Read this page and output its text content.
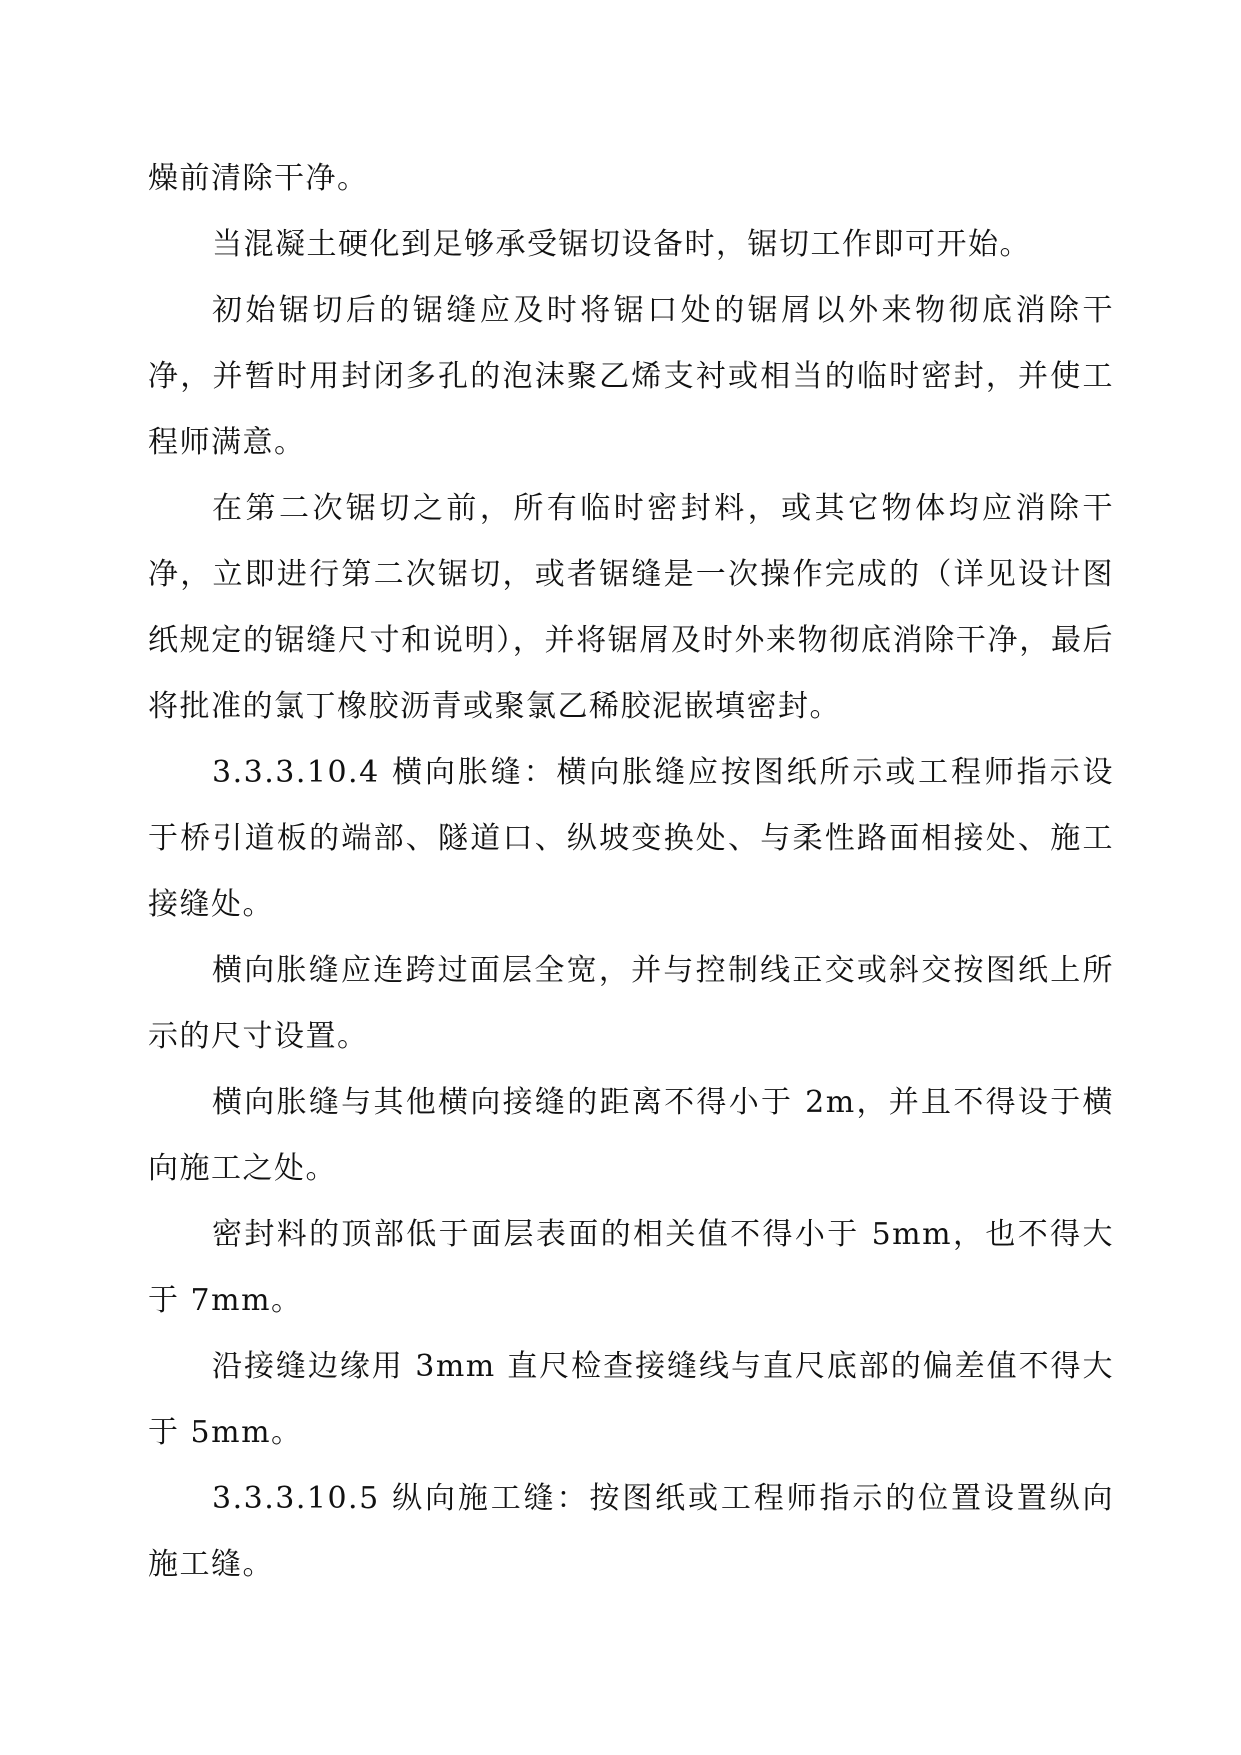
燥前清除干净。

当混凝土硬化到足够承受锯切设备时，锯切工作即可开始。

初始锯切后的锯缝应及时将锯口处的锯屑以外来物彻底消除干净，并暂时用封闭多孔的泡沫聚乙烯支衬或相当的临时密封，并使工程师满意。

在第二次锯切之前，所有临时密封料，或其它物体均应消除干净，立即进行第二次锯切，或者锯缝是一次操作完成的（详见设计图纸规定的锯缝尺寸和说明），并将锯屑及时外来物彻底消除干净，最后将批准的氯丁橡胶沥青或聚氯乙稀胶泥嵌填密封。

3.3.3.10.4 横向胀缝：横向胀缝应按图纸所示或工程师指示设于桥引道板的端部、隧道口、纵坡变换处、与柔性路面相接处、施工接缝处。

横向胀缝应连跨过面层全宽，并与控制线正交或斜交按图纸上所示的尺寸设置。

横向胀缝与其他横向接缝的距离不得小于 2m，并且不得设于横向施工之处。

密封料的顶部低于面层表面的相关值不得小于 5mm，也不得大于 7mm。

沿接缝边缘用 3mm 直尺检查接缝线与直尺底部的偏差值不得大于 5mm。

3.3.3.10.5 纵向施工缝：按图纸或工程师指示的位置设置纵向施工缝。
